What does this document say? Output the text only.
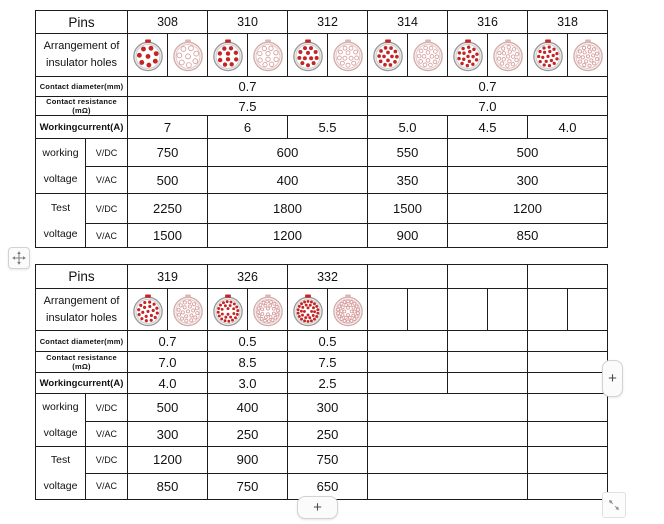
Pins		308		310		312		314		316		318	
Arrangement of insulator holes	

Contact diameter(mm)		0.7						0.7					
Contact resistance (mΩ)		7.5						7.0					
Workingcurrent(A)		7		6		5.5		5.0		4.5		4.0	
working voltage	V/DC	750		600				550		500			
	V/AC	500		400				350		300			
Test voltage	V/DC	2250		1800				1500		1200			
	V/AC	1500		1200				900		850			
Pins		319		326		332							
Arrangement of insulator holes	

Contact diameter(mm)		0.7		0.5		0.5							
Contact resistance (mΩ)		7.0		8.5		7.5							
Workingcurrent(A)		4.0		3.0		2.5							
working voltage	V/DC	500		400		300							
	V/AC	300		250		250							
Test voltage	V/DC	1200		900		750							
	V/AC	850		750		650							
+
+
